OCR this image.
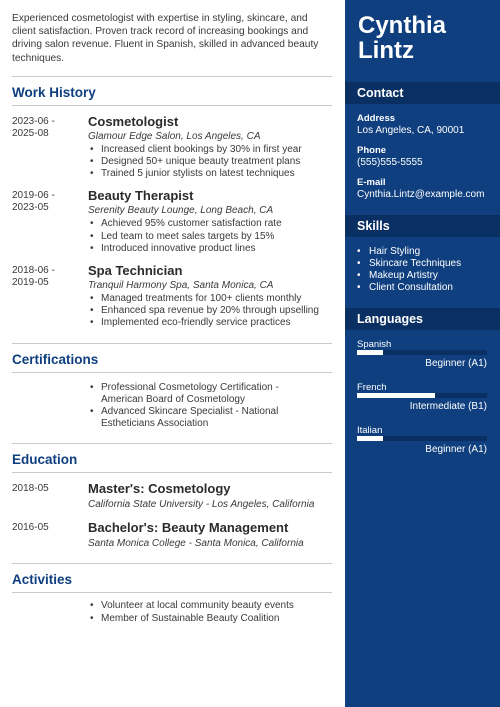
Experienced cosmetologist with expertise in styling, skincare, and client satisfaction. Proven track record of increasing bookings and driving salon revenue. Fluent in Spanish, skilled in advanced beauty techniques.

Work History
2023-06 -
2025-08
Cosmetologist
Glamour Edge Salon, Los Angeles, CA
• Increased client bookings by 30% in first year
• Designed 50+ unique beauty treatment plans
• Trained 5 junior stylists on latest techniques
2019-06 -
2023-05
Beauty Therapist
Serenity Beauty Lounge, Long Beach, CA
• Achieved 95% customer satisfaction rate
• Led team to meet sales targets by 15%
• Introduced innovative product lines
2018-06 -
2019-05
Spa Technician
Tranquil Harmony Spa, Santa Monica, CA
• Managed treatments for 100+ clients monthly
• Enhanced spa revenue by 20% through upselling
• Implemented eco-friendly service practices
Certifications
• Professional Cosmetology Certification - American Board of Cosmetology
• Advanced Skincare Specialist - National Estheticians Association
Education
2018-05	Master's: Cosmetology
California State University - Los Angeles, California
2016-05	Bachelor's: Beauty Management
Santa Monica College - Santa Monica, California
Activities
• Volunteer at local community beauty events
• Member of Sustainable Beauty Coalition
Cynthia
Lintz
Contact
Address
Los Angeles, CA, 90001
Phone
(555)555-5555
E-mail
Cynthia.Lintz@example.com
Skills
• Hair Styling
• Skincare Techniques
• Makeup Artistry
• Client Consultation
Languages
Spanish
Beginner (A1)
French
Intermediate (B1)
Italian
Beginner (A1)
